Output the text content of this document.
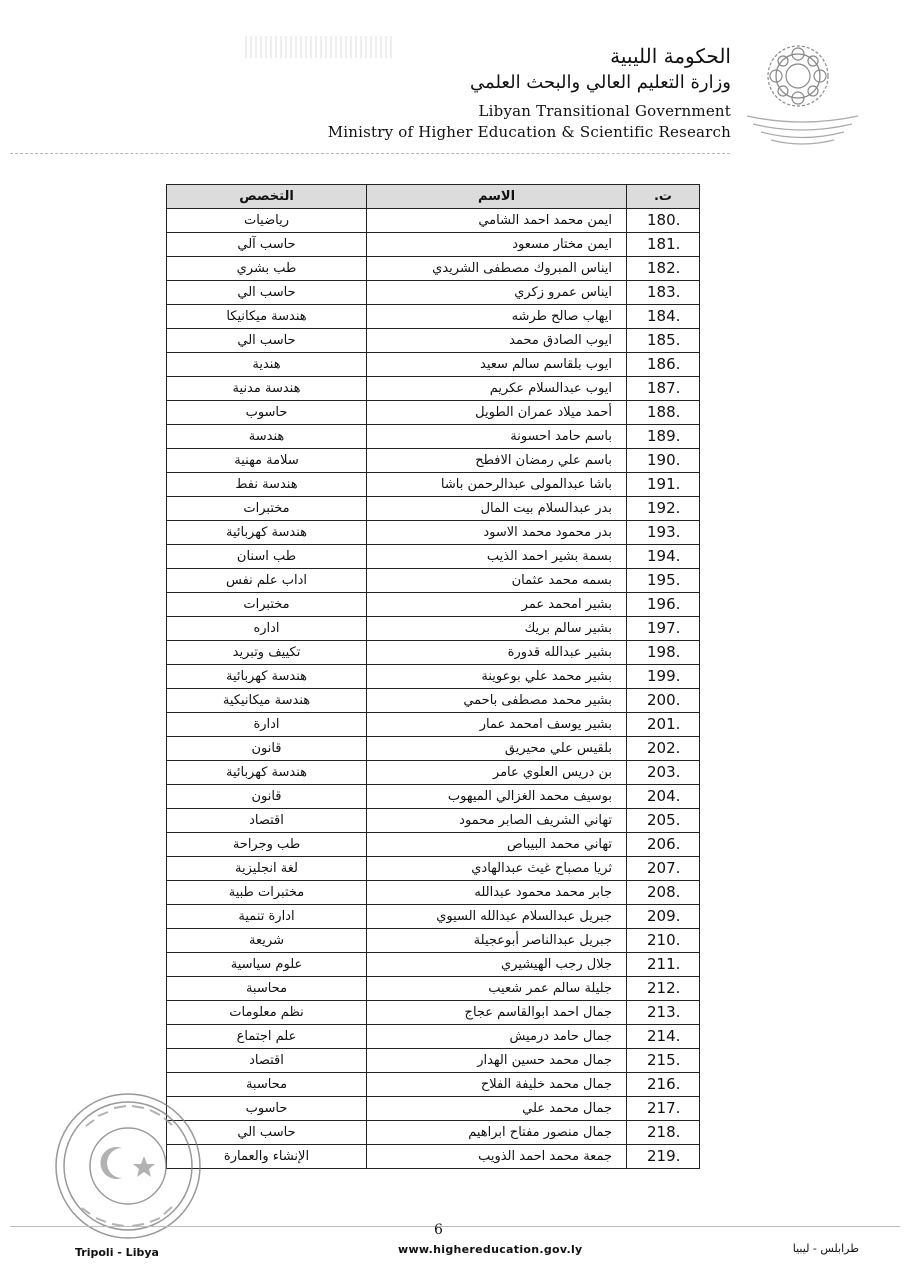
الحكومة الليبية
وزارة التعليم العالي والبحث العلمي
Libyan Transitional Government
Ministry of Higher Education & Scientific Research
ت.	الاسم	التخصص
180.	ايمن محمد احمد الشامي	رياضيات
181.	ايمن مختار مسعود	حاسب آلي
182.	ايناس المبروك مصطفى الشريدي	طب بشري
183.	ايناس عمرو زكري	حاسب الي
184.	ايهاب صالح طرشه	هندسة ميكانيكا
185.	ايوب الصادق محمد	حاسب الي
186.	ايوب بلقاسم سالم سعيد	هندية
187.	ايوب عبدالسلام عكريم	هندسة مدنية
188.	أحمد ميلاد عمران الطويل	حاسوب
189.	باسم حامد احسونة	هندسة
190.	باسم علي رمضان الافطح	سلامة مهنية
191.	باشا عبدالمولى عبدالرحمن باشا	هندسة نفط
192.	بدر عبدالسلام بيت المال	مختبرات
193.	بدر محمود محمد الاسود	هندسة كهربائية
194.	بسمة بشير احمد الذيب	طب اسنان
195.	بسمه محمد عثمان	اداب علم نفس
196.	بشير امحمد عمر	مختبرات
197.	بشير سالم بريك	اداره
198.	بشير عبدالله قدورة	تكييف وتبريد
199.	بشير محمد علي بوعوينة	هندسة كهربائية
200.	بشير محمد مصطفى باحمي	هندسة ميكانيكية
201.	بشير يوسف امحمد عمار	ادارة
202.	بلقيس علي محيريق	قانون
203.	بن دريس العلوي عامر	هندسة كهربائية
204.	بوسيف محمد الغزالي الميهوب	قانون
205.	تهاني الشريف الصابر محمود	اقتصاد
206.	تهاني محمد البيباص	طب وجراحة
207.	ثريا مصباح غيث عبدالهادي	لغة انجليزية
208.	جابر محمد محمود عبدالله	مختبرات طبية
209.	جبريل عبدالسلام عبدالله السيوي	ادارة تنمية
210.	جبريل عبدالناصر أبوعجيلة	شريعة
211.	جلال رجب الهيشيري	علوم سياسية
212.	جليلة سالم عمر شعيب	محاسبة
213.	جمال احمد ابوالقاسم عجاج	نظم معلومات
214.	جمال حامد درميش	علم اجتماع
215.	جمال محمد حسين الهدار	اقتصاد
216.	جمال محمد خليفة الفلاح	محاسبة
217.	جمال محمد علي	حاسوب
218.	جمال منصور مفتاح ابراهيم	حاسب الي
219.	جمعة محمد احمد الذويب	الإنشاء والعمارة
6
Tripoli - Libya	www.highereducation.gov.ly	طرابلس - ليبيا
